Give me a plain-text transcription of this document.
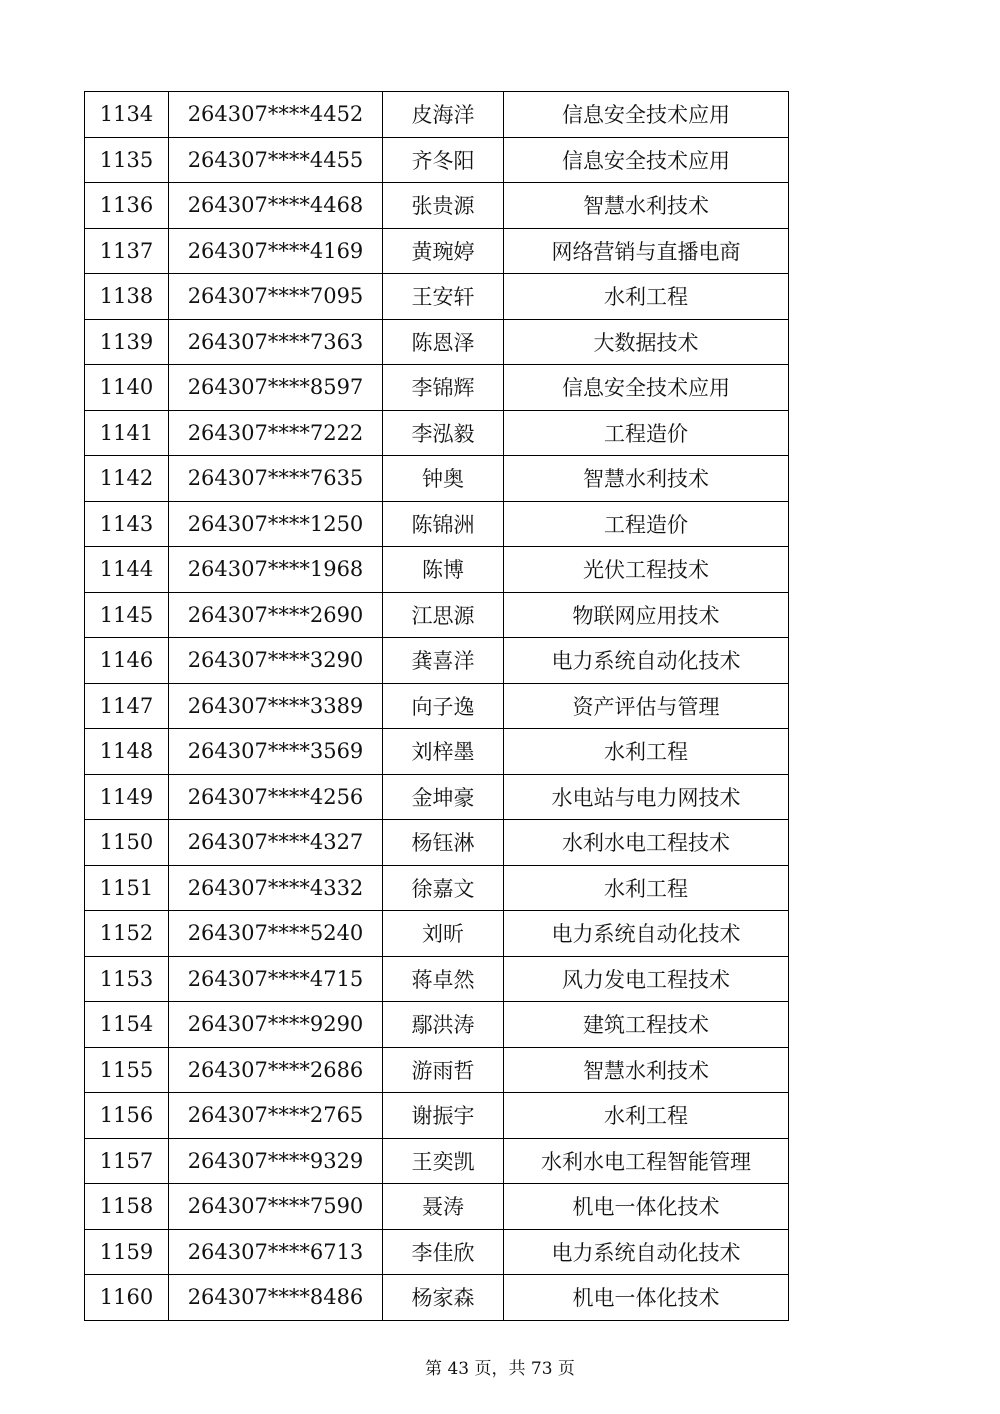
1134	264307****4452	皮海洋	信息安全技术应用
1135	264307****4455	齐冬阳	信息安全技术应用
1136	264307****4468	张贵源	智慧水利技术
1137	264307****4169	黄琬婷	网络营销与直播电商
1138	264307****7095	王安轩	水利工程
1139	264307****7363	陈恩泽	大数据技术
1140	264307****8597	李锦辉	信息安全技术应用
1141	264307****7222	李泓毅	工程造价
1142	264307****7635	钟奥	智慧水利技术
1143	264307****1250	陈锦洲	工程造价
1144	264307****1968	陈博	光伏工程技术
1145	264307****2690	江思源	物联网应用技术
1146	264307****3290	龚喜洋	电力系统自动化技术
1147	264307****3389	向子逸	资产评估与管理
1148	264307****3569	刘梓墨	水利工程
1149	264307****4256	金坤豪	水电站与电力网技术
1150	264307****4327	杨钰淋	水利水电工程技术
1151	264307****4332	徐嘉文	水利工程
1152	264307****5240	刘昕	电力系统自动化技术
1153	264307****4715	蒋卓然	风力发电工程技术
1154	264307****9290	鄢洪涛	建筑工程技术
1155	264307****2686	游雨哲	智慧水利技术
1156	264307****2765	谢振宇	水利工程
1157	264307****9329	王奕凯	水利水电工程智能管理
1158	264307****7590	聂涛	机电一体化技术
1159	264307****6713	李佳欣	电力系统自动化技术
1160	264307****8486	杨家森	机电一体化技术
第 43 页，共 73 页
